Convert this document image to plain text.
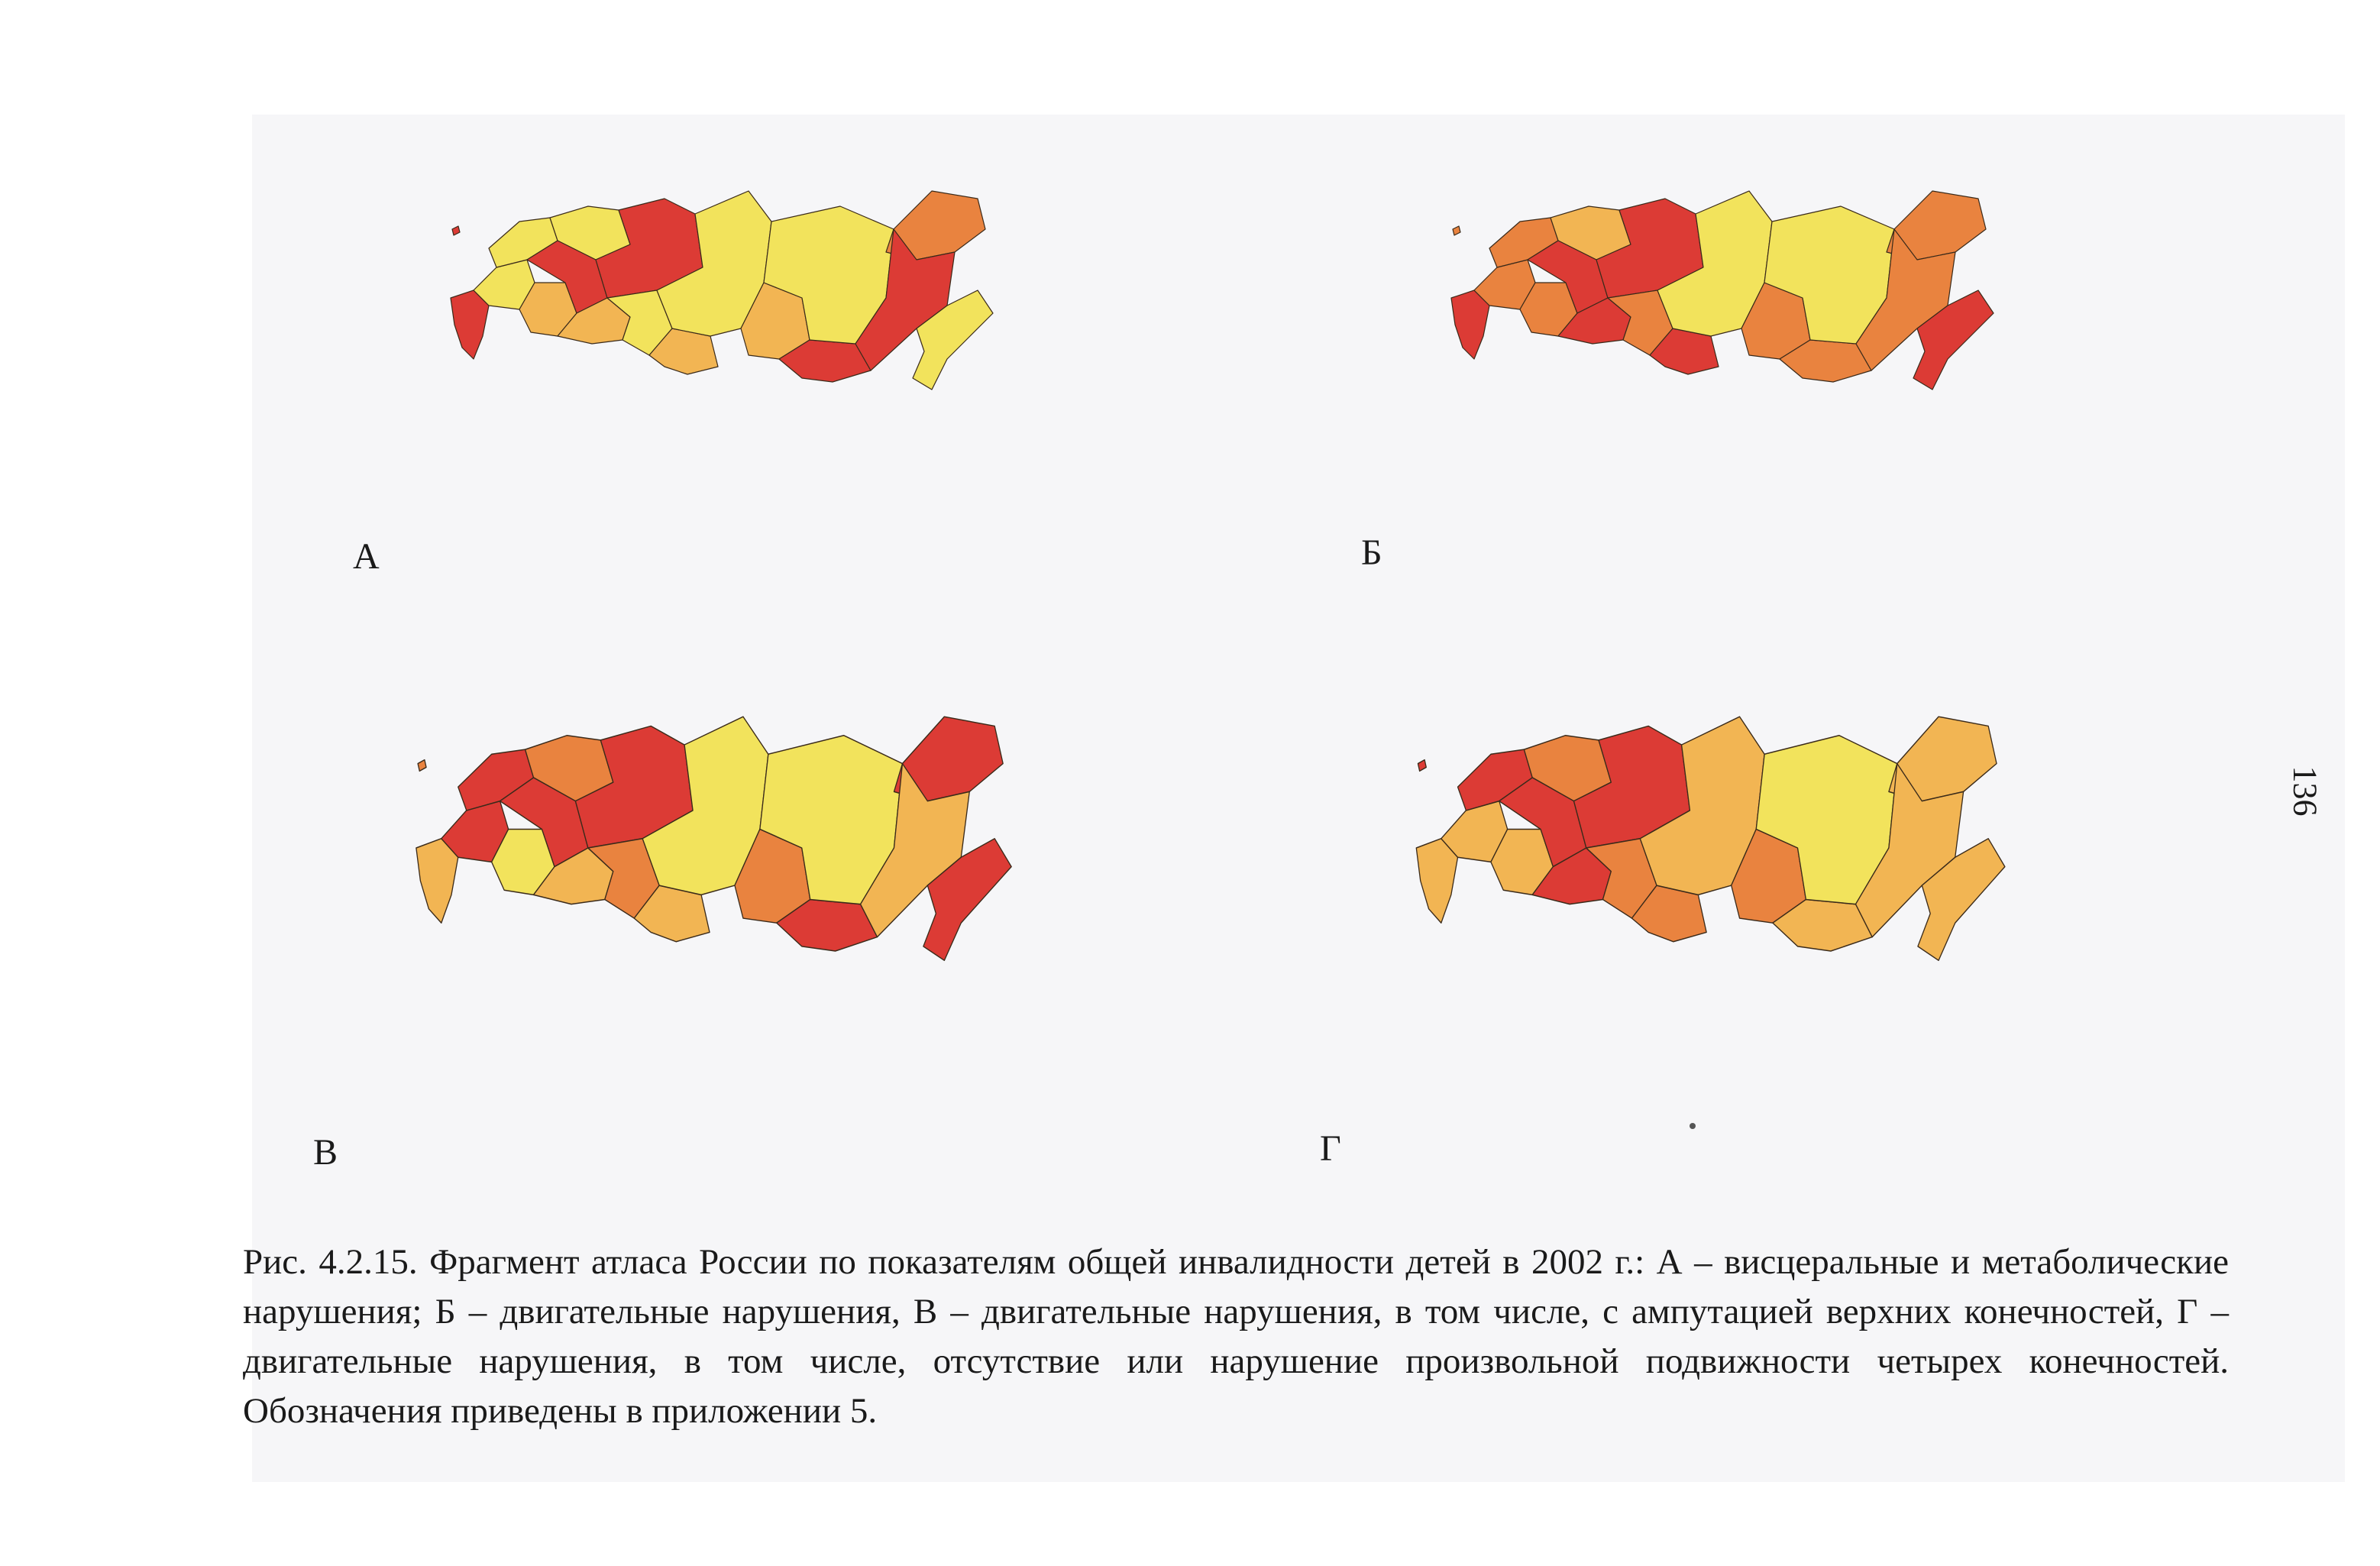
А	Б
В	Г
136
Рис. 4.2.15. Фрагмент атласа России по показателям общей инвалидности детей в 2002 г.: А – висцеральные и метаболические нарушения; Б – двигательные нарушения, В – двигательные нарушения, в том числе, с ампутацией верхних конечностей, Г – двигательные нарушения, в том числе, отсутствие или нарушение произвольной подвижности четырех конечностей. Обозначения приведены в приложении 5.
